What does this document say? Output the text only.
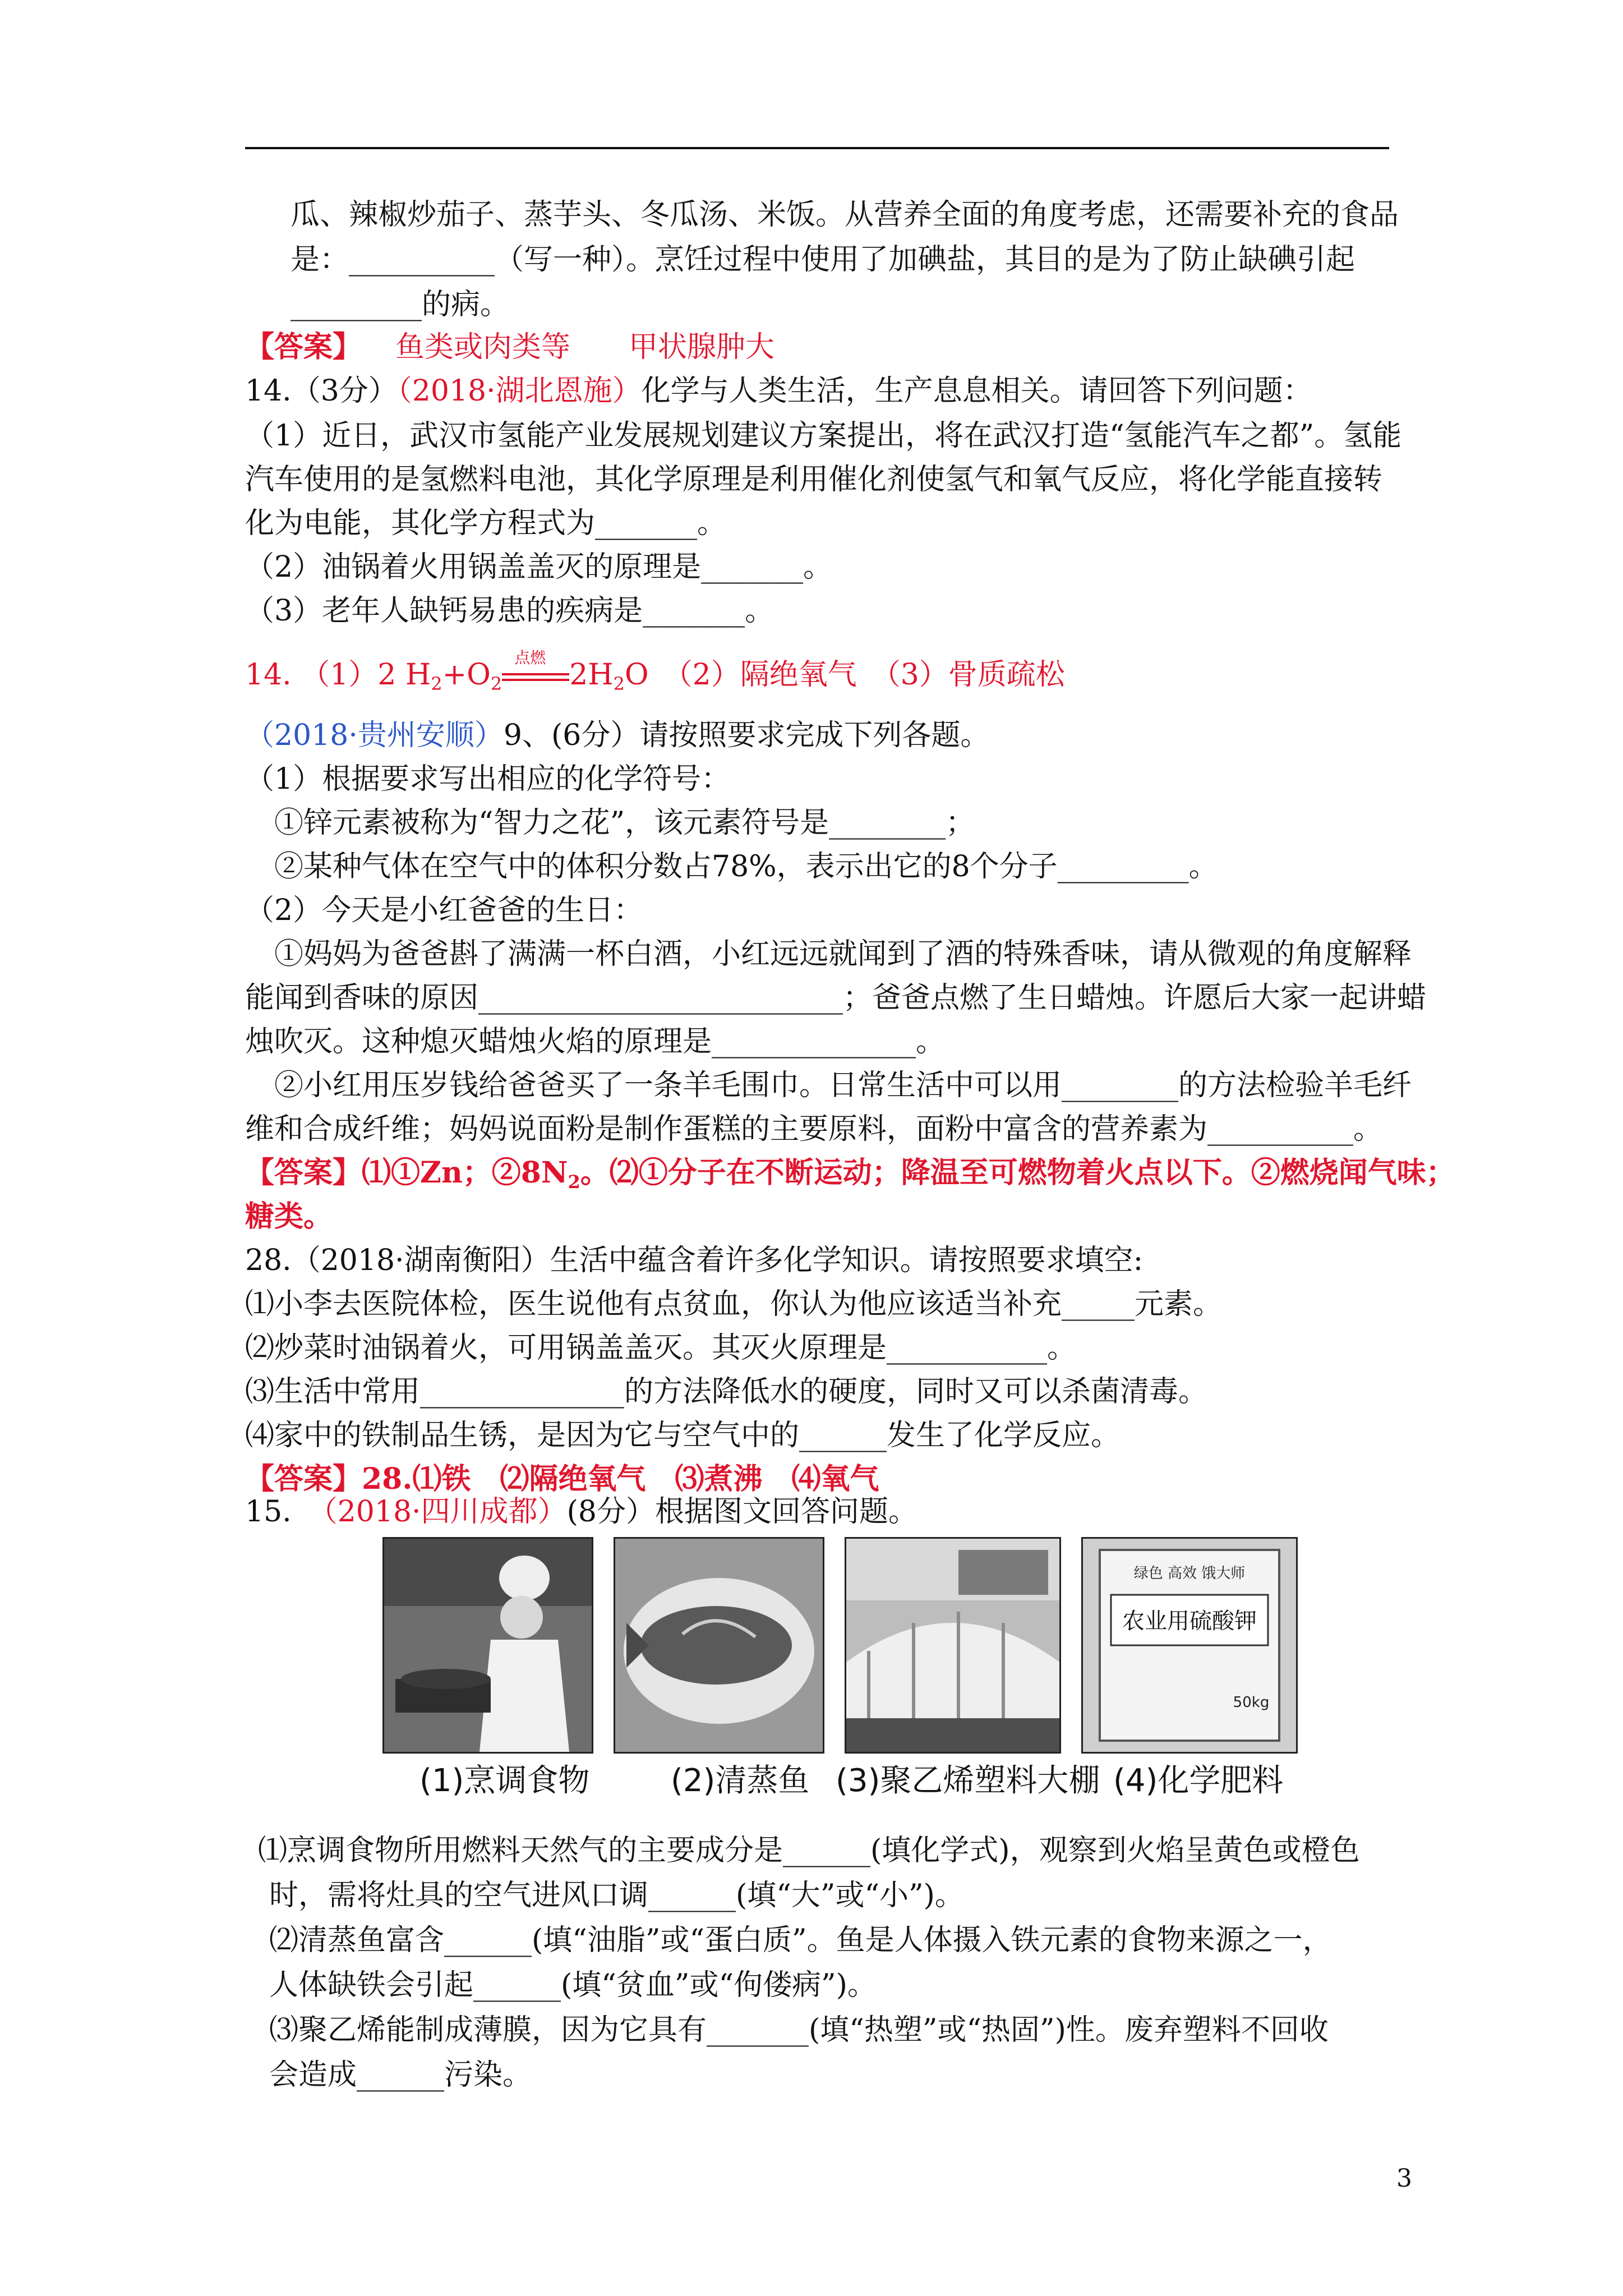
瓜、辣椒炒茄子、蒸芋头、冬瓜汤、米饭。从营养全面的角度考虑，还需要补充的食品
是：__________（写一种）。烹饪过程中使用了加碘盐，其目的是为了防止缺碘引起
_________的病。
【答案】 鱼类或肉类等　　甲状腺肿大
14.（3分）（2018·湖北恩施）化学与人类生活，生产息息相关。请回答下列问题：
（1）近日，武汉市氢能产业发展规划建议方案提出，将在武汉打造“氢能汽车之都”。氢能
汽车使用的是氢燃料电池，其化学原理是利用催化剂使氢气和氧气反应，将化学能直接转
化为电能，其化学方程式为_______。
（2）油锅着火用锅盖盖灭的原理是_______。
（3）老年人缺钙易患的疾病是_______。
14. （1）2 $H_2+O_2$
点燃
$2H_2O$　（2）隔绝氧气　（3）骨质疏松
（2018·贵州安顺）9、(6分）请按照要求完成下列各题。
（1）根据要求写出相应的化学符号：
　①锌元素被称为“智力之花”，该元素符号是________；
　②某种气体在空气中的体积分数占78%，表示出它的8个分子_________。
（2）今天是小红爸爸的生日：
　①妈妈为爸爸斟了满满一杯白酒，小红远远就闻到了酒的特殊香味，请从微观的角度解释
能闻到香味的原因_________________________；爸爸点燃了生日蜡烛。许愿后大家一起讲蜡
烛吹灭。这种熄灭蜡烛火焰的原理是______________。
　②小红用压岁钱给爸爸买了一条羊毛围巾。日常生活中可以用________的方法检验羊毛纤
维和合成纤维；妈妈说面粉是制作蛋糕的主要原料，面粉中富含的营养素为__________。
【答案】⑴①Zn；$②8N_2$。⑵①分子在不断运动；降温至可燃物着火点以下。②燃烧闻气味；
糖类。
28.（2018·湖南衡阳）生活中蕴含着许多化学知识。请按照要求填空:
⑴小李去医院体检，医生说他有点贫血，你认为他应该适当补充_____元素。
⑵炒菜时油锅着火，可用锅盖盖灭。其灭火原理是___________。
⑶生活中常用______________的方法降低水的硬度，同时又可以杀菌清毒。
⑷家中的铁制品生锈，是因为它与空气中的______发生了化学反应。
【答案】28.⑴铁　⑵隔绝氧气　⑶煮沸　⑷氧气
15. （2018·四川成都）(8分）根据图文回答问题。
绿色 高效 饿大师
农业用硫酸钾
50kg
(1)烹调食物	(2)清蒸鱼 (3)聚乙烯塑料大棚 (4)化学肥料
⑴烹调食物所用燃料天然气的主要成分是______(填化学式)，观察到火焰呈黄色或橙色
时，需将灶具的空气进风口调______(填“大”或“小”)。
⑵清蒸鱼富含______(填“油脂”或“蛋白质”。鱼是人体摄入铁元素的食物来源之一，
人体缺铁会引起______(填“贫血”或“佝偻病”)。
⑶聚乙烯能制成薄膜，因为它具有_______(填“热塑”或“热固”)性。废弃塑料不回收
会造成______污染。
3
